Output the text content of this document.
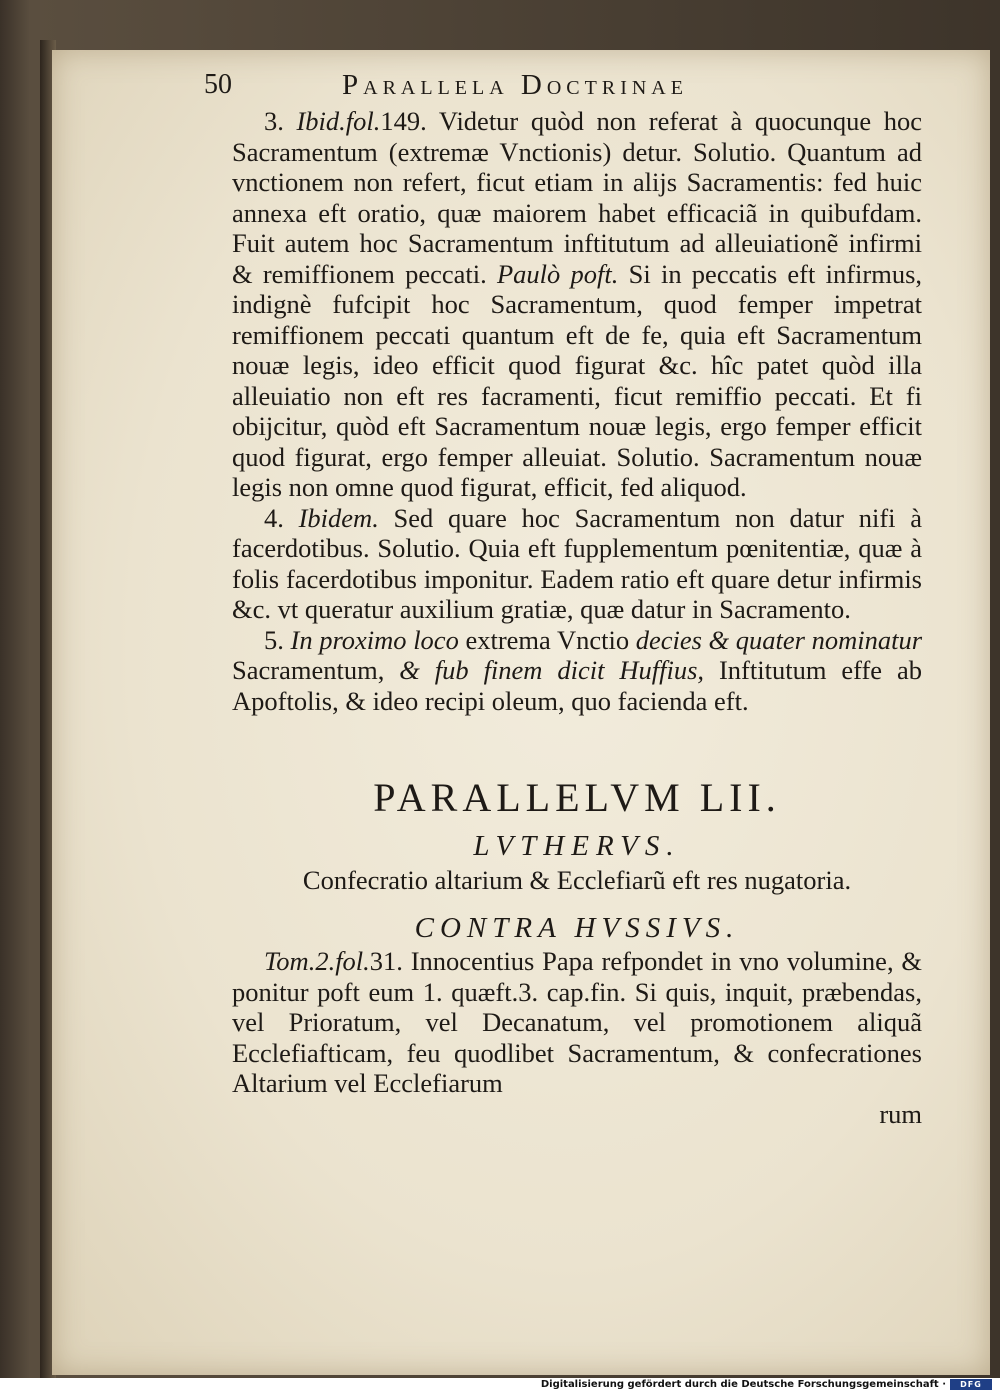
50	Parallela Doctrinae

3. Ibid.fol.149. Videtur quòd non referat à quocunque hoc Sacramentum (extremæ Vnctionis) detur. Solutio. Quantum ad vnctionem non refert, ficut etiam in alijs Sacramentis: fed huic annexa eft oratio, quæ maiorem habet efficaciã in quibufdam. Fuit autem hoc Sacramentum inftitutum ad alleuiationẽ infirmi & remiffionem peccati. Paulò poft. Si in peccatis eft infirmus, indignè fufcipit hoc Sacramentum, quod femper impetrat remiffionem peccati quantum eft de fe, quia eft Sacramentum nouæ legis, ideo efficit quod figurat &c. hîc patet quòd illa alleuiatio non eft res facramenti, ficut remiffio peccati. Et fi obijcitur, quòd eft Sacramentum nouæ legis, ergo femper efficit quod figurat, ergo femper alleuiat. Solutio. Sacramentum nouæ legis non omne quod figurat, efficit, fed aliquod.

4. Ibidem. Sed quare hoc Sacramentum non datur nifi à facerdotibus. Solutio. Quia eft fupplementum pœnitentiæ, quæ à folis facerdotibus imponitur. Eadem ratio eft quare detur infirmis &c. vt queratur auxilium gratiæ, quæ datur in Sacramento.

5. In proximo loco extrema Vnctio decies & quater nominatur Sacramentum, & fub finem dicit Huffius, Inftitutum effe ab Apoftolis, & ideo recipi oleum, quo facienda eft.

PARALLELVM LII.
LVTHERVS.
Confecratio altarium & Ecclefiarũ eft res nugatoria.
CONTRA HVSSIVS.

Tom.2.fol.31. Innocentius Papa refpondet in vno volumine, & ponitur poft eum 1. quæft.3. cap.fin. Si quis, inquit, præbendas, vel Prioratum, vel Decanatum, vel promotionem aliquã Ecclefiafticam, feu quodlibet Sacramentum, & confecrationes Altarium vel Ecclefiarum

rum

Digitalisierung gefördert durch die Deutsche Forschungsgemeinschaft ·	DFG
